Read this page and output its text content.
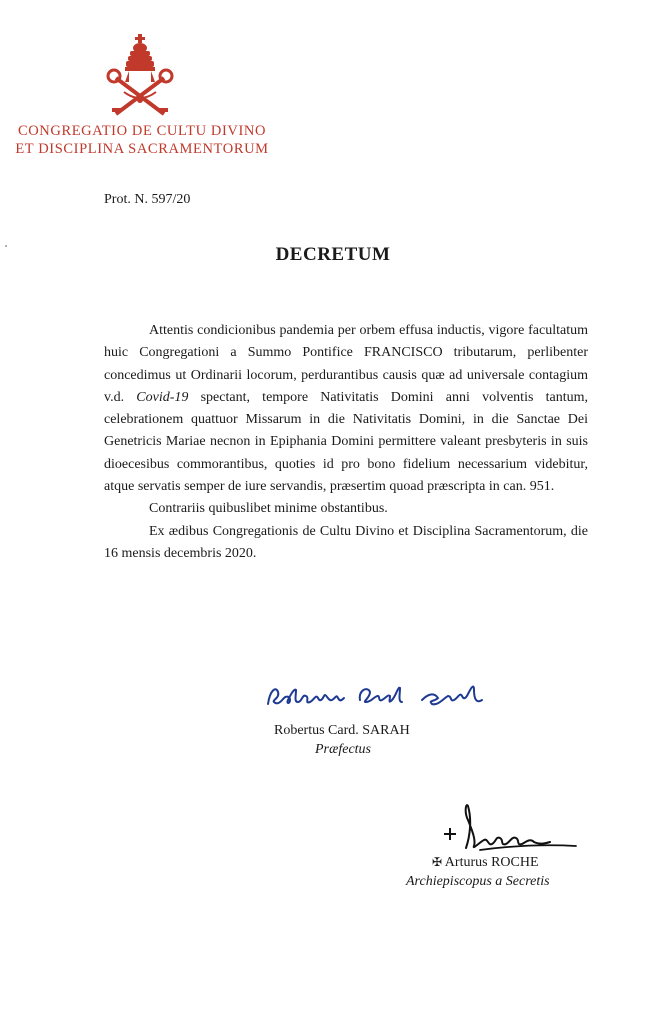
CONGREGATIO DE CULTU DIVINO
ET DISCIPLINA SACRAMENTORUM
Prot. N. 597/20
DECRETUM

Attentis condicionibus pandemia per orbem effusa inductis, vigore facultatum huic Congregationi a Summo Pontifice FRANCISCO tributarum, perlibenter concedimus ut Ordinarii locorum, perdurantibus causis quæ ad universale contagium v.d. Covid-19 spectant, tempore Nativitatis Domini anni volventis tantum, celebrationem quattuor Missarum in die Nativitatis Domini, in die Sanctae Dei Genetricis Mariae necnon in Epiphania Domini permittere valeant presbyteris in suis dioecesibus commorantibus, quoties id pro bono fidelium necessarium videbitur, atque servatis semper de iure servandis, præsertim quoad præscripta in can. 951.

Contrariis quibuslibet minime obstantibus.

Ex ædibus Congregationis de Cultu Divino et Disciplina Sacramentorum, die 16 mensis decembris 2020.

Robertus Card. SARAH
Præfectus
✠ Arturus ROCHE
Archiepiscopus a Secretis
